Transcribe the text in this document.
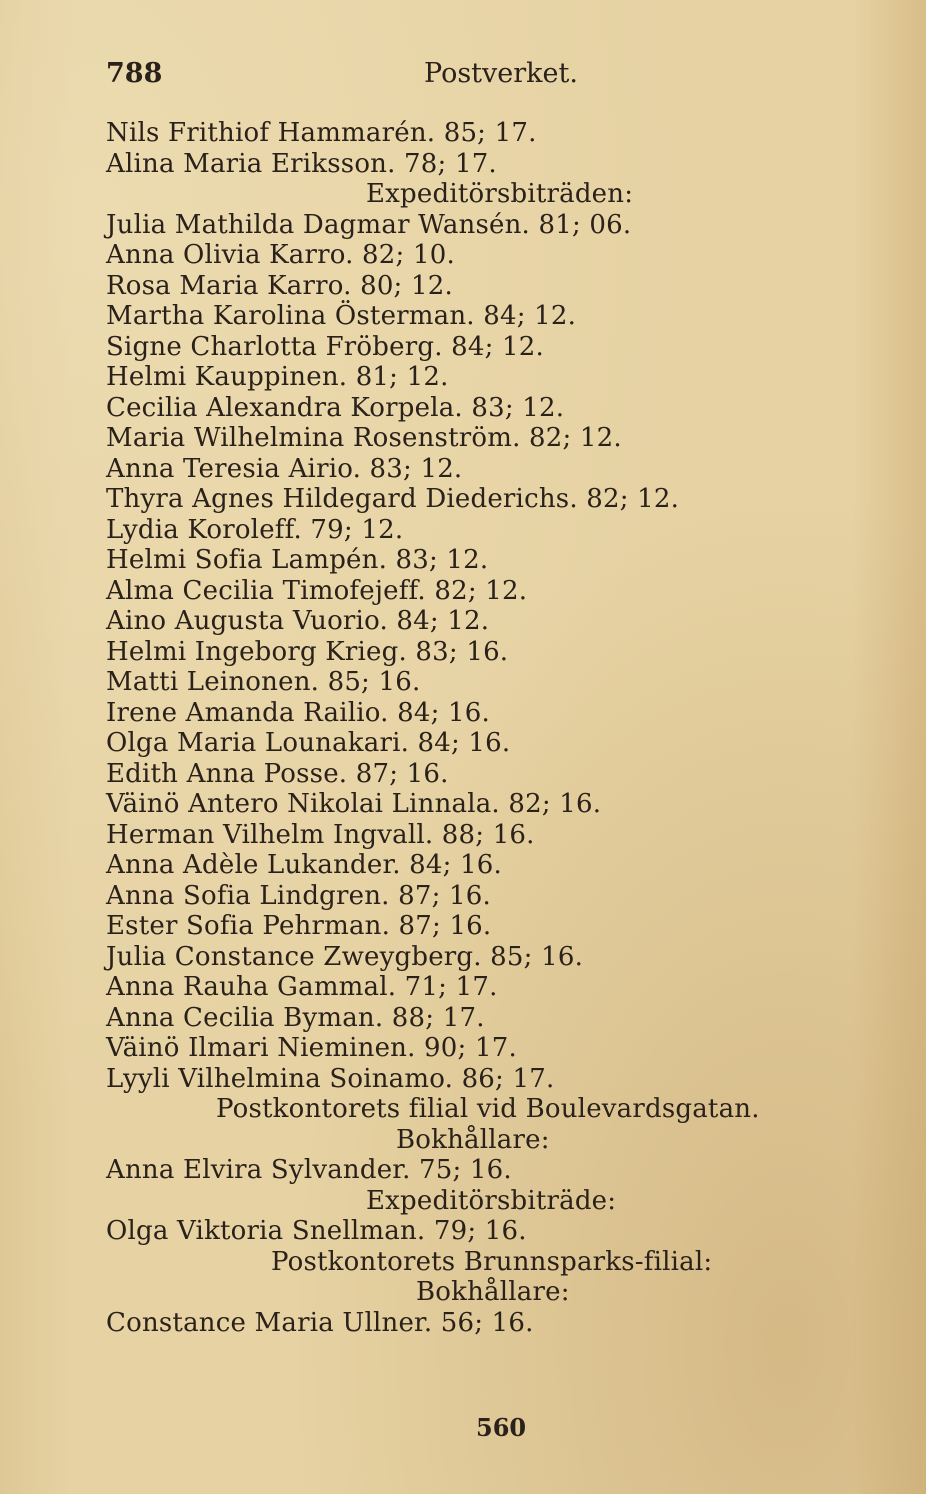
788	Postverket.
Nils Frithiof Hammarén. 85; 17.
Alina Maria Eriksson. 78; 17.
Expeditörsbiträden:
Julia Mathilda Dagmar Wansén. 81; 06.
Anna Olivia Karro. 82; 10.
Rosa Maria Karro. 80; 12.
Martha Karolina Österman. 84; 12.
Signe Charlotta Fröberg. 84; 12.
Helmi Kauppinen. 81; 12.
Cecilia Alexandra Korpela. 83; 12.
Maria Wilhelmina Rosenström. 82; 12.
Anna Teresia Airio. 83; 12.
Thyra Agnes Hildegard Diederichs. 82; 12.
Lydia Koroleff. 79; 12.
Helmi Sofia Lampén. 83; 12.
Alma Cecilia Timofejeff. 82; 12.
Aino Augusta Vuorio. 84; 12.
Helmi Ingeborg Krieg. 83; 16.
Matti Leinonen. 85; 16.
Irene Amanda Railio. 84; 16.
Olga Maria Lounakari. 84; 16.
Edith Anna Posse. 87; 16.
Väinö Antero Nikolai Linnala. 82; 16.
Herman Vilhelm Ingvall. 88; 16.
Anna Adèle Lukander. 84; 16.
Anna Sofia Lindgren. 87; 16.
Ester Sofia Pehrman. 87; 16.
Julia Constance Zweygberg. 85; 16.
Anna Rauha Gammal. 71; 17.
Anna Cecilia Byman. 88; 17.
Väinö Ilmari Nieminen. 90; 17.
Lyyli Vilhelmina Soinamo. 86; 17.
Postkontorets filial vid Boulevardsgatan.
Bokhållare:
Anna Elvira Sylvander. 75; 16.
Expeditörsbiträde:
Olga Viktoria Snellman. 79; 16.
Postkontorets Brunnsparks-filial:
Bokhållare:
Constance Maria Ullner. 56; 16.
560
